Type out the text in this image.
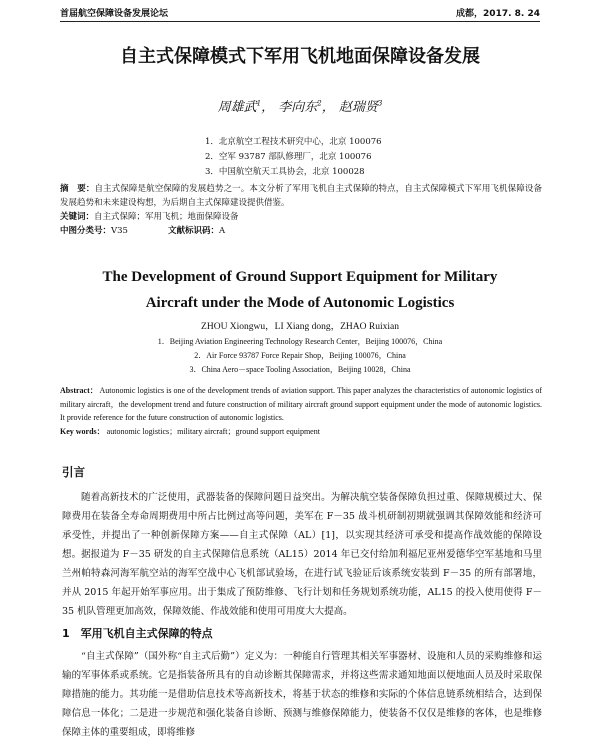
首届航空保障设备发展论坛	成都，2017. 8. 24
自主式保障模式下军用飞机地面保障设备发展
周雄武$^1$， 李向东$^2$， 赵瑞贤$^3$
1．北京航空工程技术研究中心，北京 100076
2．空军 93787 部队修理厂，北京 100076
3．中国航空航天工具协会，北京 100028

摘　要：自主式保障是航空保障的发展趋势之一。本文分析了军用飞机自主式保障的特点，自主式保障模式下军用飞机保障设备发展趋势和未来建设构想，为后期自主式保障建设提供借鉴。

关键词：自主式保障；军用飞机；地面保障设备

中图分类号：V35	文献标识码：A
The Development of Ground Support Equipment for Military
Aircraft under the Mode of Autonomic Logistics
ZHOU Xiongwu，LI Xiang dong，ZHAO Ruixian
1．Beijing Aviation Engineering Technology Research Center，Beijing 100076，China
2．Air Force 93787 Force Repair Shop，Beijing 100076，China
3．China Aero－space Tooling Association，Beijing 10028，China

Abstract： Autonomic logistics is one of the development trends of aviation support. This paper analyzes the characteristics of autonomic logistics of military aircraft，the development trend and future construction of military aircraft ground support equipment under the mode of autonomic logistics. It provide reference for the future construction of autonomic logistics.

Key words： autonomic logistics；military aircraft；ground support equipment

引言

随着高新技术的广泛使用，武器装备的保障问题日益突出。为解决航空装备保障负担过重、保障规模过大、保障费用在装备全寿命周期费用中所占比例过高等问题，美军在 F－35 战斗机研制初期就强调其保障效能和经济可承受性，并提出了一种创新保障方案——自主式保障（AL）[1]，以实现其经济可承受和提高作战效能的保障设想。据报道为 F－35 研发的自主式保障信息系统（AL15）2014 年已交付给加利福尼亚州爱德华空军基地和马里兰州帕特森河海军航空站的海军空战中心飞机部试验场，在进行试飞验证后该系统安装到 F－35 的所有部署地，并从 2015 年起开始军事应用。出于集成了预防维修、飞行计划和任务规划系统功能，AL15 的投入使用使得 F－35 机队管理更加高效，保障效能、作战效能和使用可用度大大提高。

1　军用飞机自主式保障的特点

“自主式保障”（国外称“自主式后勤”）定义为：一种能自行管理其相关军事器材、设施和人员的采购维修和运输的军事体系或系统。它是指装备所具有的自动诊断其保障需求，并将这些需求通知地面以便地面人员及时采取保障措施的能力。其功能一是借助信息技术等高新技术，将基于状态的维修和实际的个体信息链系统相结合，达到保障信息一体化；二是进一步规范和强化装备自诊断、预测与维修保障能力，使装备不仅仅是维修的客体，也是维修保障主体的重要组成，即将维修
